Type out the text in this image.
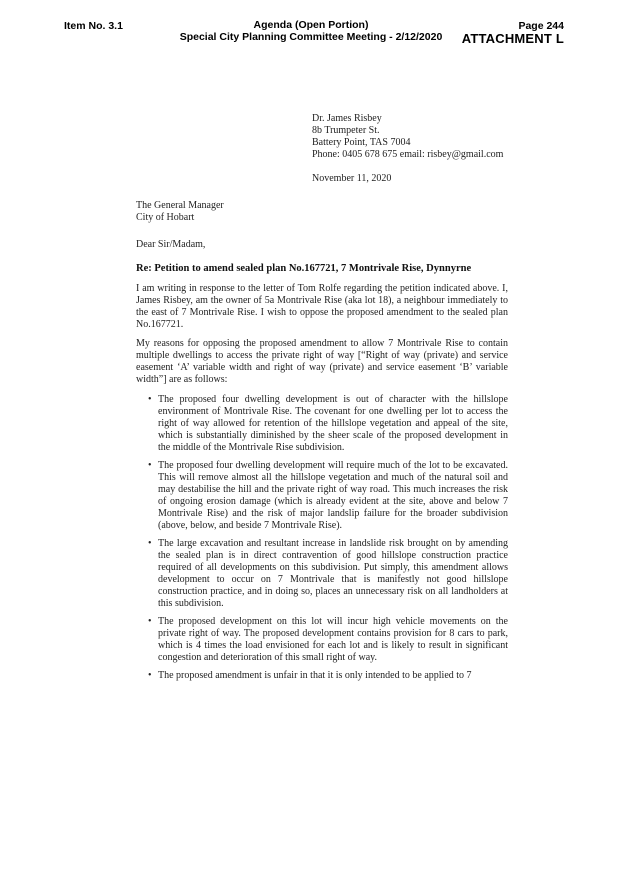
Item No. 3.1	Agenda (Open Portion)
Special City Planning Committee Meeting - 2/12/2020
Page 244
ATTACHMENT L
Dr. James Risbey
8b Trumpeter St.
Battery Point, TAS 7004
Phone: 0405 678 675 email: risbey@gmail.com
November 11, 2020
The General Manager
City of Hobart
Dear Sir/Madam,
Re: Petition to amend sealed plan No.167721, 7 Montrivale Rise, Dynnyrne

I am writing in response to the letter of Tom Rolfe regarding the petition indicated above. I, James Risbey, am the owner of 5a Montrivale Rise (aka lot 18), a neighbour immediately to the east of 7 Montrivale Rise. I wish to oppose the proposed amendment to the sealed plan No.167721.

My reasons for opposing the proposed amendment to allow 7 Montrivale Rise to contain multiple dwellings to access the private right of way [“Right of way (private) and service easement ‘A’ variable width and right of way (private) and service easement ‘B’ variable width”] are as follows:

• The proposed four dwelling development is out of character with the hillslope environment of Montrivale Rise. The covenant for one dwelling per lot to access the right of way allowed for retention of the hillslope vegetation and appeal of the site, which is substantially diminished by the sheer scale of the proposed development in the middle of the Montrivale Rise subdivision.
• The proposed four dwelling development will require much of the lot to be excavated. This will remove almost all the hillslope vegetation and much of the natural soil and may destabilise the hill and the private right of way road. This much increases the risk of ongoing erosion damage (which is already evident at the site, above and below 7 Montrivale Rise) and the risk of major landslip failure for the broader subdivision (above, below, and beside 7 Montrivale Rise).
• The large excavation and resultant increase in landslide risk brought on by amending the sealed plan is in direct contravention of good hillslope construction practice required of all developments on this subdivision. Put simply, this amendment allows development to occur on 7 Montrivale that is manifestly not good hillslope construction practice, and in doing so, places an unnecessary risk on all landholders at this subdivision.
• The proposed development on this lot will incur high vehicle movements on the private right of way. The proposed development contains provision for 8 cars to park, which is 4 times the load envisioned for each lot and is likely to result in significant congestion and deterioration of this small right of way.
• The proposed amendment is unfair in that it is only intended to be applied to 7
